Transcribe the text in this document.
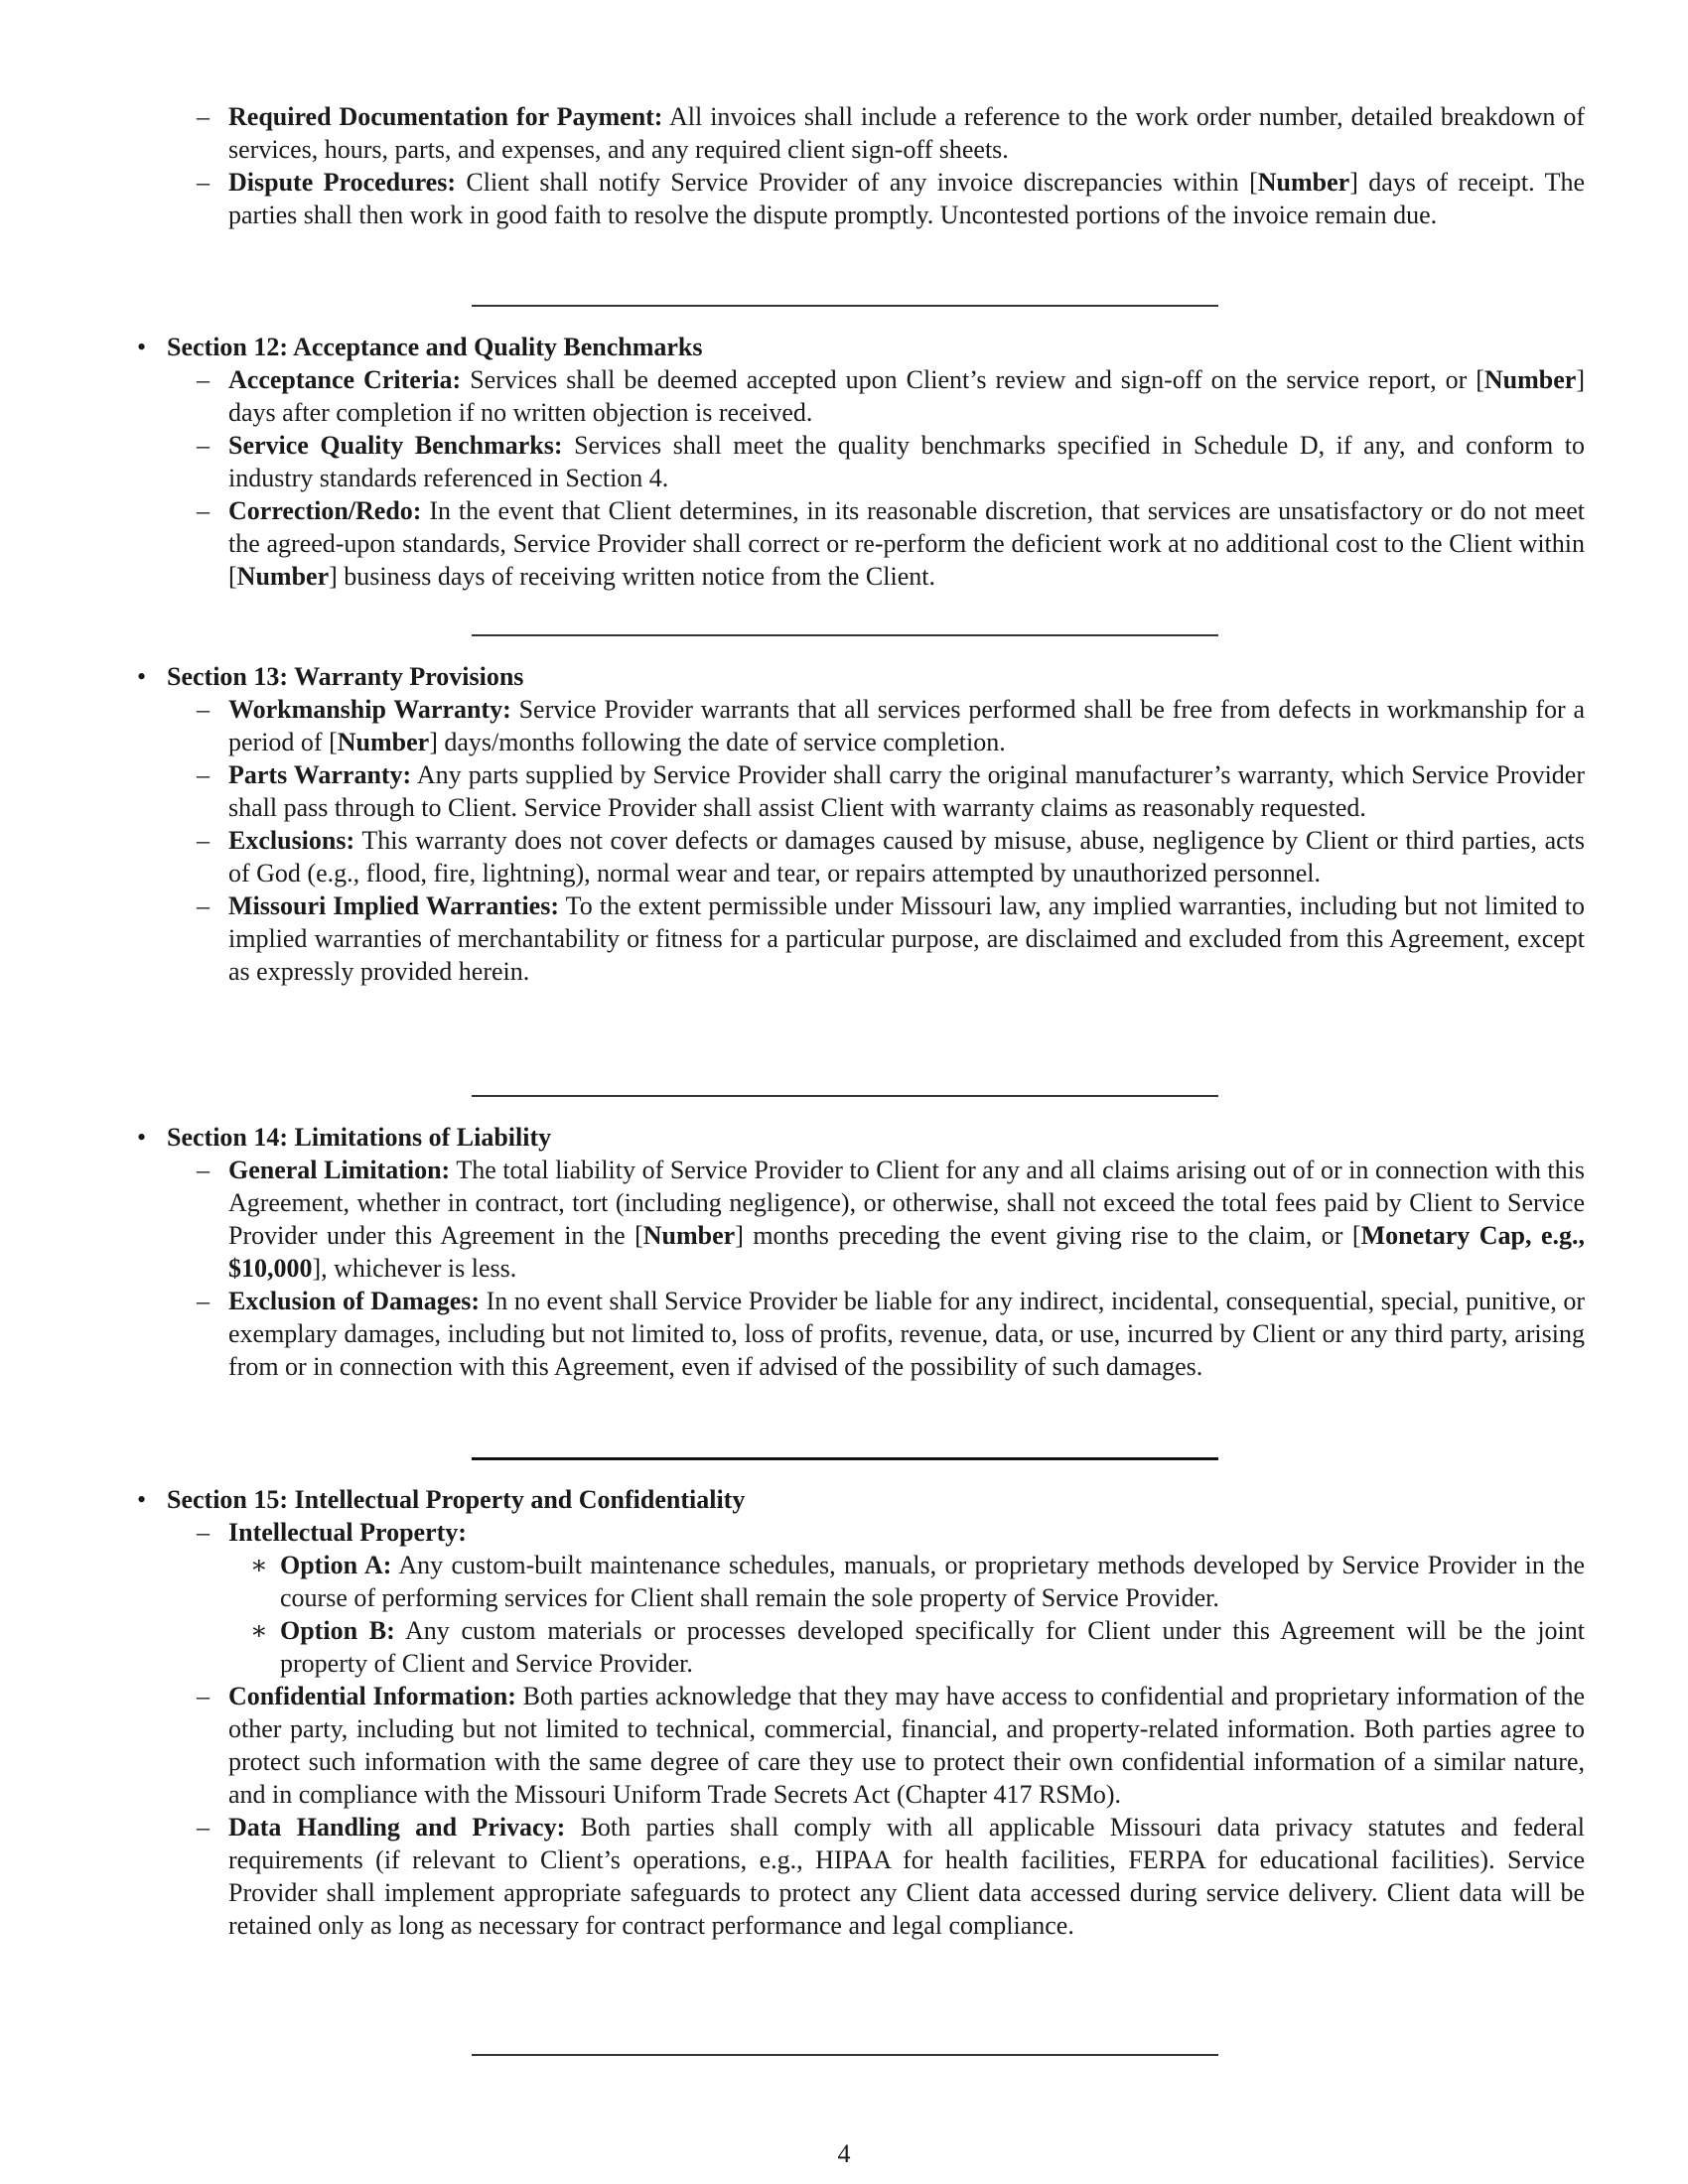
– Required Documentation for Payment: All invoices shall include a reference to the work order number, detailed breakdown of services, hours, parts, and expenses, and any required client sign-off sheets.
– Dispute Procedures: Client shall notify Service Provider of any invoice discrepancies within [Number] days of receipt. The parties shall then work in good faith to resolve the dispute promptly. Uncontested portions of the invoice remain due.
• Section 12: Acceptance and Quality Benchmarks
– Acceptance Criteria: Services shall be deemed accepted upon Client’s review and sign-off on the service report, or [Number] days after completion if no written objection is received.
– Service Quality Benchmarks: Services shall meet the quality benchmarks specified in Schedule D, if any, and conform to industry standards referenced in Section 4.
– Correction/Redo: In the event that Client determines, in its reasonable discretion, that services are unsatisfactory or do not meet the agreed-upon standards, Service Provider shall correct or re-perform the deficient work at no additional cost to the Client within [Number] business days of receiving written notice from the Client.
• Section 13: Warranty Provisions
– Workmanship Warranty: Service Provider warrants that all services performed shall be free from defects in workmanship for a period of [Number] days/months following the date of service completion.
– Parts Warranty: Any parts supplied by Service Provider shall carry the original manufacturer’s warranty, which Service Provider shall pass through to Client. Service Provider shall assist Client with warranty claims as reasonably requested.
– Exclusions: This warranty does not cover defects or damages caused by misuse, abuse, negligence by Client or third parties, acts of God (e.g., flood, fire, lightning), normal wear and tear, or repairs attempted by unauthorized personnel.
– Missouri Implied Warranties: To the extent permissible under Missouri law, any implied warranties, including but not limited to implied warranties of merchantability or fitness for a particular purpose, are disclaimed and excluded from this Agreement, except as expressly provided herein.
• Section 14: Limitations of Liability
– General Limitation: The total liability of Service Provider to Client for any and all claims arising out of or in connection with this Agreement, whether in contract, tort (including negligence), or otherwise, shall not exceed the total fees paid by Client to Service Provider under this Agreement in the [Number] months preceding the event giving rise to the claim, or [Monetary Cap, e.g., $10,000], whichever is less.
– Exclusion of Damages: In no event shall Service Provider be liable for any indirect, incidental, consequential, special, punitive, or exemplary damages, including but not limited to, loss of profits, revenue, data, or use, incurred by Client or any third party, arising from or in connection with this Agreement, even if advised of the possibility of such damages.
• Section 15: Intellectual Property and Confidentiality
– Intellectual Property:
∗ Option A: Any custom-built maintenance schedules, manuals, or proprietary methods developed by Service Provider in the course of performing services for Client shall remain the sole property of Service Provider.
∗ Option B: Any custom materials or processes developed specifically for Client under this Agreement will be the joint property of Client and Service Provider.
– Confidential Information: Both parties acknowledge that they may have access to confidential and proprietary information of the other party, including but not limited to technical, commercial, financial, and property-related information. Both parties agree to protect such information with the same degree of care they use to protect their own confidential information of a similar nature, and in compliance with the Missouri Uniform Trade Secrets Act (Chapter 417 RSMo).
– Data Handling and Privacy: Both parties shall comply with all applicable Missouri data privacy statutes and federal requirements (if relevant to Client’s operations, e.g., HIPAA for health facilities, FERPA for educational facilities). Service Provider shall implement appropriate safeguards to protect any Client data accessed during service delivery. Client data will be retained only as long as necessary for contract performance and legal compliance.
4
